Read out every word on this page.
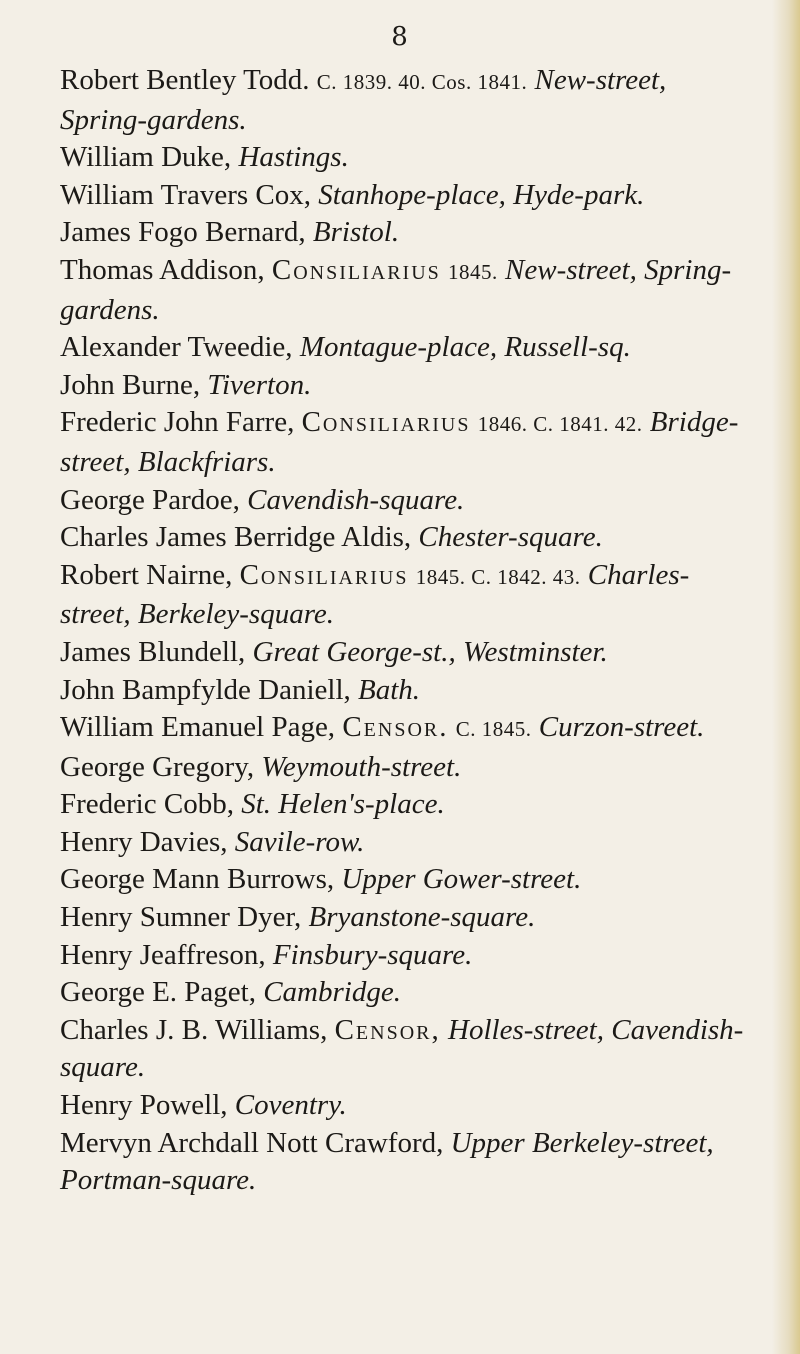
8
Robert Bentley Todd. C. 1839. 40. Cos. 1841. New-street, Spring-gardens.
William Duke, Hastings.
William Travers Cox, Stanhope-place, Hyde-park.
James Fogo Bernard, Bristol.
Thomas Addison, Consiliarius 1845. New-street, Spring-gardens.
Alexander Tweedie, Montague-place, Russell-sq.
John Burne, Tiverton.
Frederic John Farre, Consiliarius 1846. C. 1841. 42. Bridge-street, Blackfriars.
George Pardoe, Cavendish-square.
Charles James Berridge Aldis, Chester-square.
Robert Nairne, Consiliarius 1845. C. 1842. 43. Charles-street, Berkeley-square.
James Blundell, Great George-st., Westminster.
John Bampfylde Daniell, Bath.
William Emanuel Page, Censor. C. 1845. Curzon-street.
George Gregory, Weymouth-street.
Frederic Cobb, St. Helen's-place.
Henry Davies, Savile-row.
George Mann Burrows, Upper Gower-street.
Henry Sumner Dyer, Bryanstone-square.
Henry Jeaffreson, Finsbury-square.
George E. Paget, Cambridge.
Charles J. B. Williams, Censor, Holles-street, Cavendish-square.
Henry Powell, Coventry.
Mervyn Archdall Nott Crawford, Upper Berkeley-street, Portman-square.
